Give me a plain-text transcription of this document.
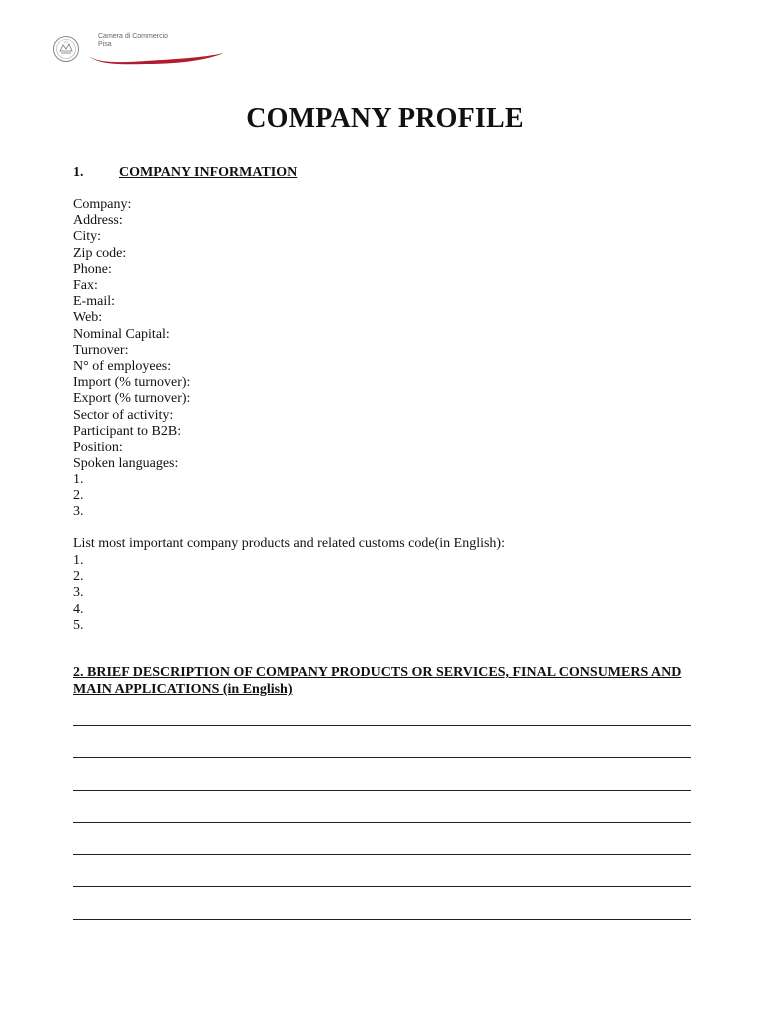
Camera di Commercio
Pisa
COMPANY PROFILE
1.	COMPANY INFORMATION
Company:
Address:
City:
Zip code:
Phone:
Fax:
E-mail:
Web:
Nominal Capital:
Turnover:
N° of employees:
Import (% turnover):
Export (% turnover):
Sector of activity:
Participant to B2B:
Position:
Spoken languages:
1.
2.
3.
List most important company products and related customs code(in English):
1.
2.
3.
4.
5.
2. BRIEF DESCRIPTION OF COMPANY PRODUCTS OR SERVICES, FINAL CONSUMERS AND MAIN APPLICATIONS (in English)
